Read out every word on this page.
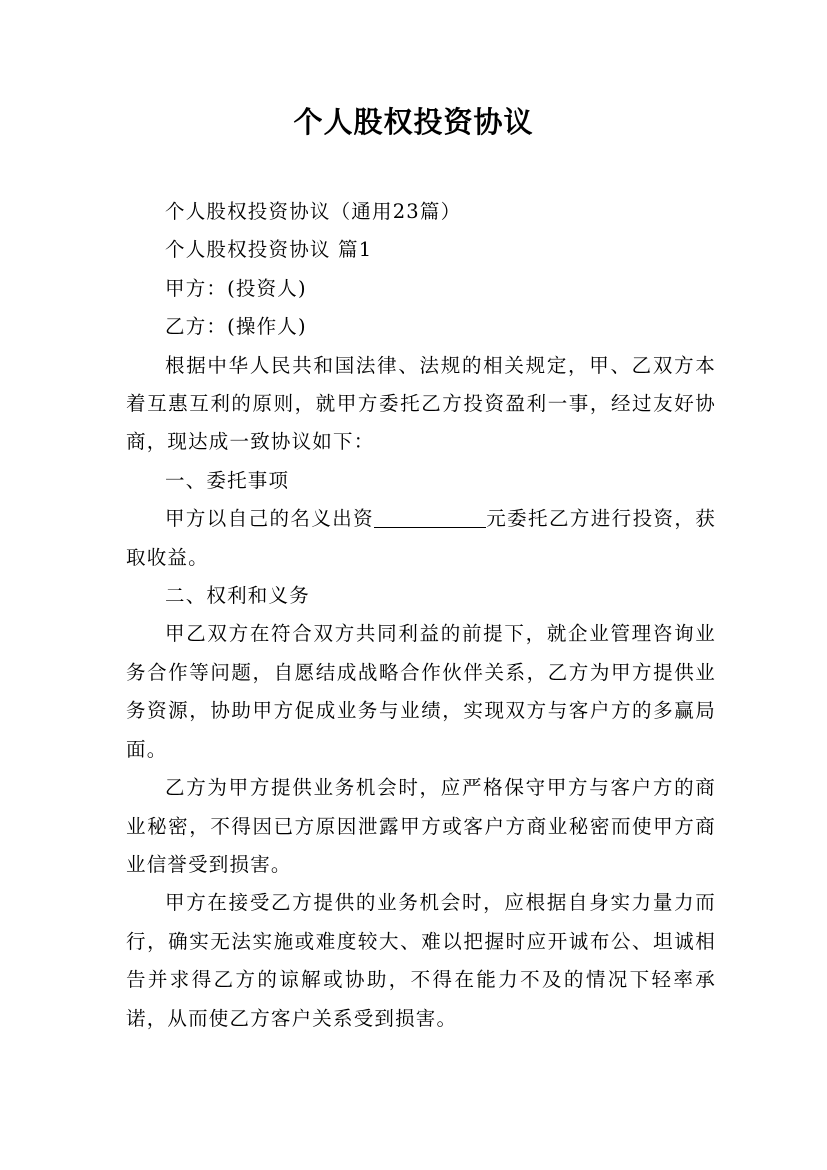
个人股权投资协议

个人股权投资协议（通用23篇）

个人股权投资协议 篇1

甲方：(投资人)

乙方：(操作人)

根据中华人民共和国法律、法规的相关规定，甲、乙双方本着互惠互利的原则，就甲方委托乙方投资盈利一事，经过友好协商，现达成一致协议如下：

一、委托事项

甲方以自己的名义出资	元委托乙方进行投资，获取收益。

二、权利和义务

甲乙双方在符合双方共同利益的前提下，就企业管理咨询业务合作等问题，自愿结成战略合作伙伴关系，乙方为甲方提供业务资源，协助甲方促成业务与业绩，实现双方与客户方的多赢局面。

乙方为甲方提供业务机会时，应严格保守甲方与客户方的商业秘密，不得因已方原因泄露甲方或客户方商业秘密而使甲方商业信誉受到损害。

甲方在接受乙方提供的业务机会时，应根据自身实力量力而行，确实无法实施或难度较大、难以把握时应开诚布公、坦诚相告并求得乙方的谅解或协助，不得在能力不及的情况下轻率承诺，从而使乙方客户关系受到损害。
